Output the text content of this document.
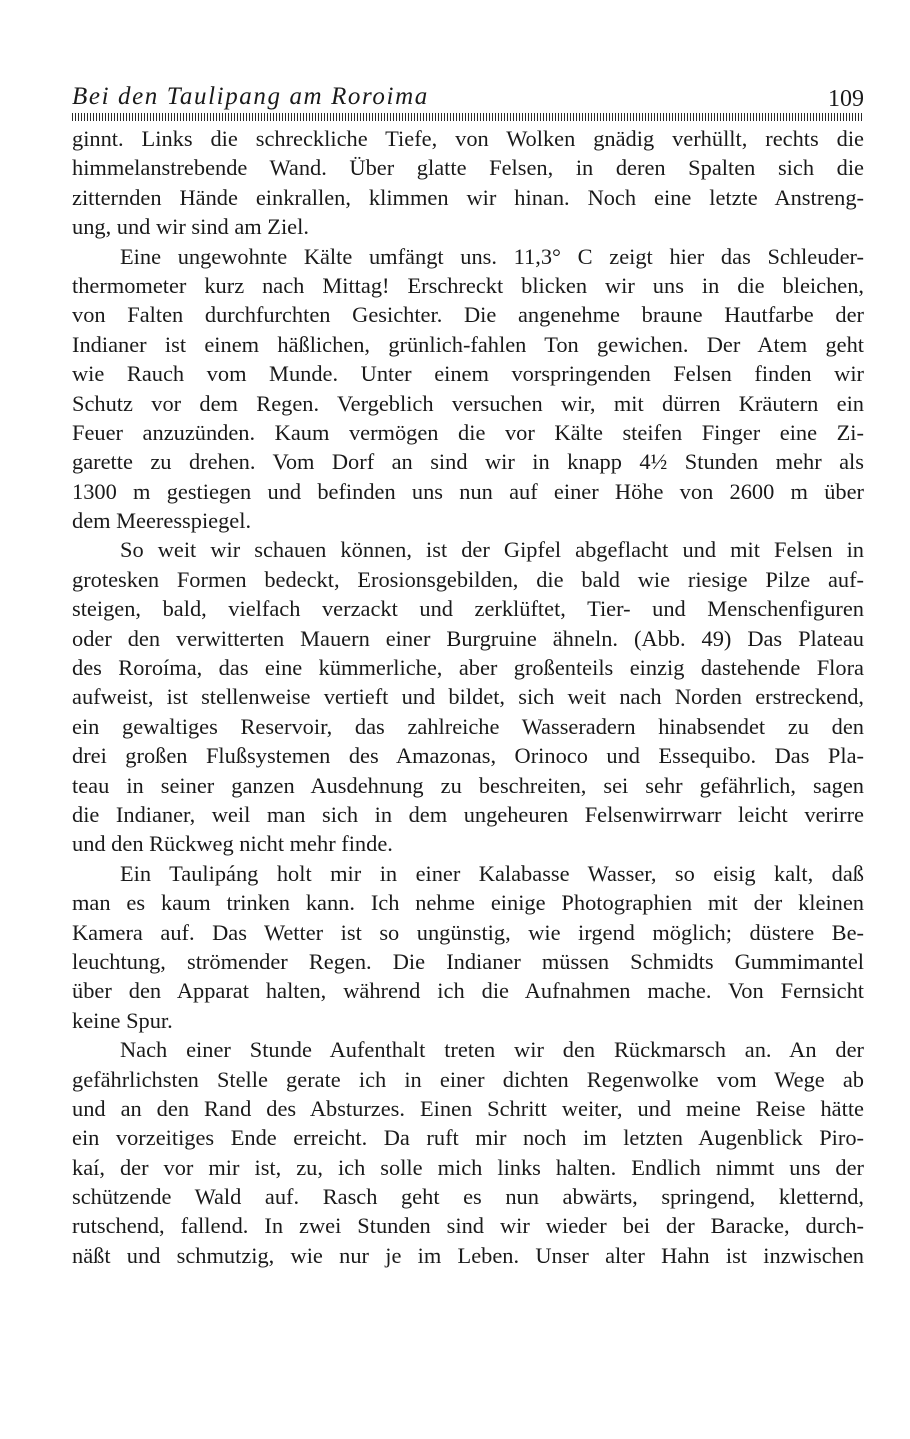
Bei den Taulipang am Roroima	109
ginnt. Links die schreckliche Tiefe, von Wolken gnädig verhüllt, rechts die
himmelanstrebende Wand. Über glatte Felsen, in deren Spalten sich die
zitternden Hände einkrallen, klimmen wir hinan. Noch eine letzte Anstreng-
ung, und wir sind am Ziel.
Eine ungewohnte Kälte umfängt uns. 11,3° C zeigt hier das Schleuder-
thermometer kurz nach Mittag! Erschreckt blicken wir uns in die bleichen,
von Falten durchfurchten Gesichter. Die angenehme braune Hautfarbe der
Indianer ist einem häßlichen, grünlich-fahlen Ton gewichen. Der Atem geht
wie Rauch vom Munde. Unter einem vorspringenden Felsen finden wir
Schutz vor dem Regen. Vergeblich versuchen wir, mit dürren Kräutern ein
Feuer anzuzünden. Kaum vermögen die vor Kälte steifen Finger eine Zi-
garette zu drehen. Vom Dorf an sind wir in knapp 4½ Stunden mehr als
1300 m gestiegen und befinden uns nun auf einer Höhe von 2600 m über
dem Meeresspiegel.
So weit wir schauen können, ist der Gipfel abgeflacht und mit Felsen in
grotesken Formen bedeckt, Erosionsgebilden, die bald wie riesige Pilze auf-
steigen, bald, vielfach verzackt und zerklüftet, Tier- und Menschenfiguren
oder den verwitterten Mauern einer Burgruine ähneln. (Abb. 49) Das Plateau
des Roroíma, das eine kümmerliche, aber großenteils einzig dastehende Flora
aufweist, ist stellenweise vertieft und bildet, sich weit nach Norden erstreckend,
ein gewaltiges Reservoir, das zahlreiche Wasseradern hinabsendet zu den
drei großen Flußsystemen des Amazonas, Orinoco und Essequibo. Das Pla-
teau in seiner ganzen Ausdehnung zu beschreiten, sei sehr gefährlich, sagen
die Indianer, weil man sich in dem ungeheuren Felsenwirrwarr leicht verirre
und den Rückweg nicht mehr finde.
Ein Taulipáng holt mir in einer Kalabasse Wasser, so eisig kalt, daß
man es kaum trinken kann. Ich nehme einige Photographien mit der kleinen
Kamera auf. Das Wetter ist so ungünstig, wie irgend möglich; düstere Be-
leuchtung, strömender Regen. Die Indianer müssen Schmidts Gummimantel
über den Apparat halten, während ich die Aufnahmen mache. Von Fernsicht
keine Spur.
Nach einer Stunde Aufenthalt treten wir den Rückmarsch an. An der
gefährlichsten Stelle gerate ich in einer dichten Regenwolke vom Wege ab
und an den Rand des Absturzes. Einen Schritt weiter, und meine Reise hätte
ein vorzeitiges Ende erreicht. Da ruft mir noch im letzten Augenblick Piro-
kaí, der vor mir ist, zu, ich solle mich links halten. Endlich nimmt uns der
schützende Wald auf. Rasch geht es nun abwärts, springend, kletternd,
rutschend, fallend. In zwei Stunden sind wir wieder bei der Baracke, durch-
näßt und schmutzig, wie nur je im Leben. Unser alter Hahn ist inzwischen
